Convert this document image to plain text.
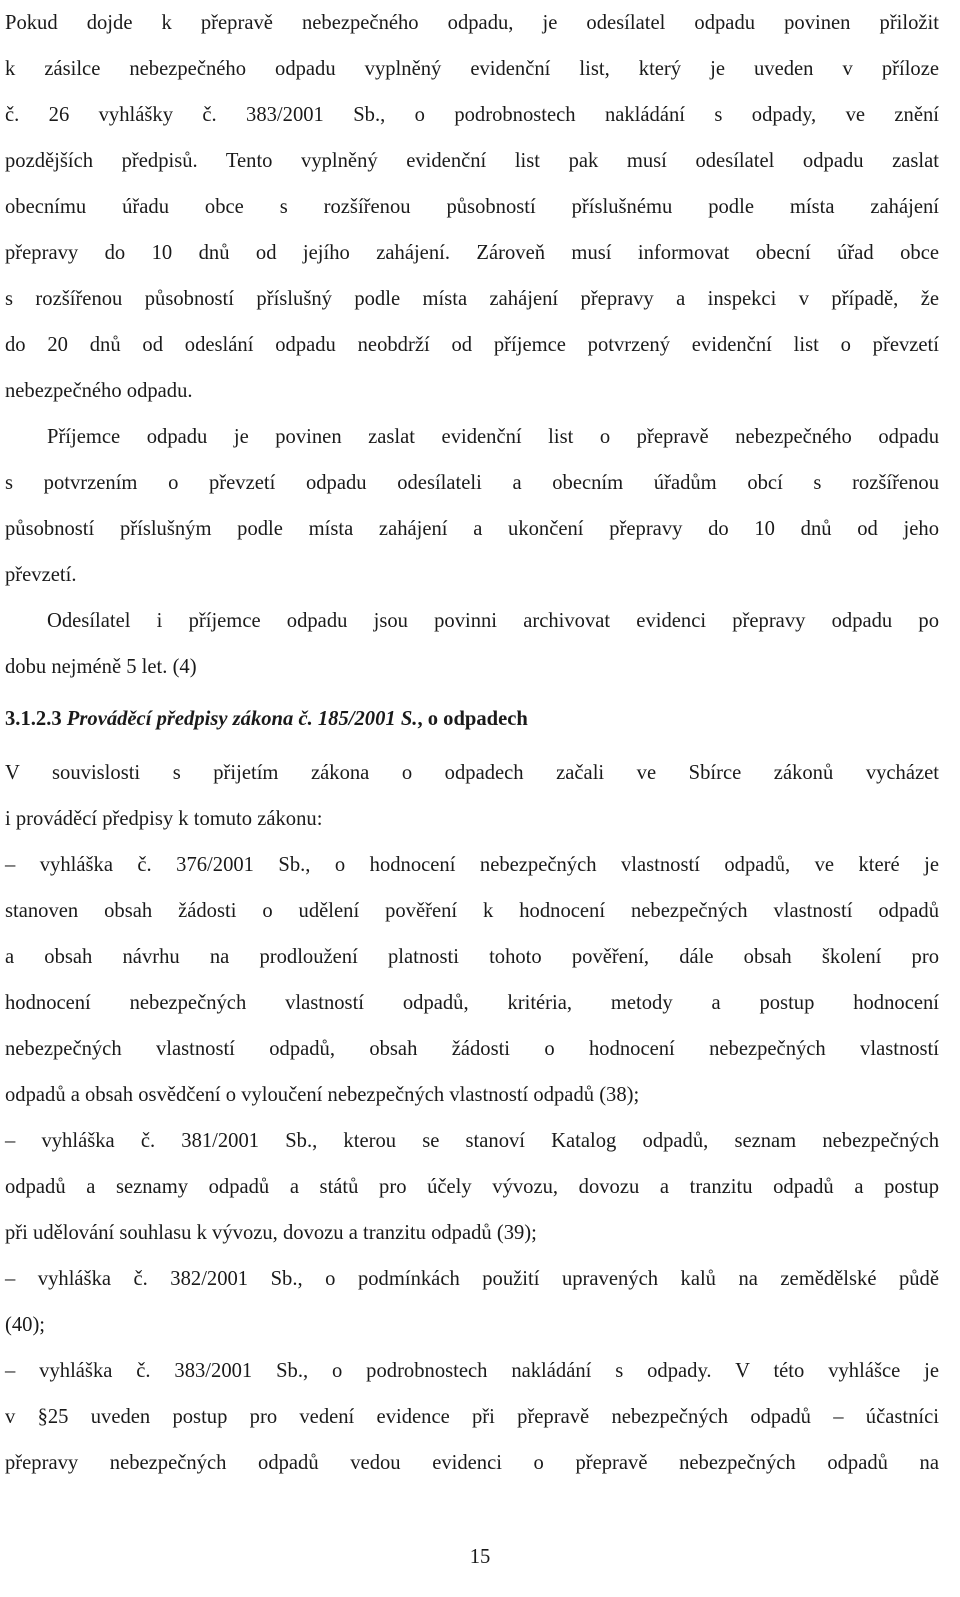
Pokud dojde k přepravě nebezpečného odpadu, je odesílatel odpadu povinen přiložit
k zásilce nebezpečného odpadu vyplněný evidenční list, který je uveden v příloze
č. 26 vyhlášky č. 383/2001 Sb., o podrobnostech nakládání s odpady, ve znění
pozdějších předpisů. Tento vyplněný evidenční list pak musí odesílatel odpadu zaslat
obecnímu úřadu obce s rozšířenou působností příslušnému podle místa zahájení
přepravy do 10 dnů od jejího zahájení. Zároveň musí informovat obecní úřad obce
s rozšířenou působností příslušný podle místa zahájení přepravy a inspekci v případě, že
do 20 dnů od odeslání odpadu neobdrží od příjemce potvrzený evidenční list o převzetí
nebezpečného odpadu.
Příjemce odpadu je povinen zaslat evidenční list o přepravě nebezpečného odpadu
s potvrzením o převzetí odpadu odesílateli a obecním úřadům obcí s rozšířenou
působností příslušným podle místa zahájení a ukončení přepravy do 10 dnů od jeho
převzetí.
Odesílatel i příjemce odpadu jsou povinni archivovat evidenci přepravy odpadu po
dobu nejméně 5 let. (4)
3.1.2.3 Prováděcí předpisy zákona č. 185/2001 S., o odpadech
V souvislosti s přijetím zákona o odpadech začali ve Sbírce zákonů vycházet
i prováděcí předpisy k tomuto zákonu:
– vyhláška č. 376/2001 Sb., o hodnocení nebezpečných vlastností odpadů, ve které je
stanoven obsah žádosti o udělení pověření k hodnocení nebezpečných vlastností odpadů
a obsah návrhu na prodloužení platnosti tohoto pověření, dále obsah školení pro
hodnocení nebezpečných vlastností odpadů, kritéria, metody a postup hodnocení
nebezpečných vlastností odpadů, obsah žádosti o hodnocení nebezpečných vlastností
odpadů a obsah osvědčení o vyloučení nebezpečných vlastností odpadů (38);
– vyhláška č. 381/2001 Sb., kterou se stanoví Katalog odpadů, seznam nebezpečných
odpadů a seznamy odpadů a států pro účely vývozu, dovozu a tranzitu odpadů a postup
při udělování souhlasu k vývozu, dovozu a tranzitu odpadů (39);
– vyhláška č. 382/2001 Sb., o podmínkách použití upravených kalů na zemědělské půdě
(40);
– vyhláška č. 383/2001 Sb., o podrobnostech nakládání s odpady. V této vyhlášce je
v §25 uveden postup pro vedení evidence při přepravě nebezpečných odpadů – účastníci
přepravy nebezpečných odpadů vedou evidenci o přepravě nebezpečných odpadů na
15
